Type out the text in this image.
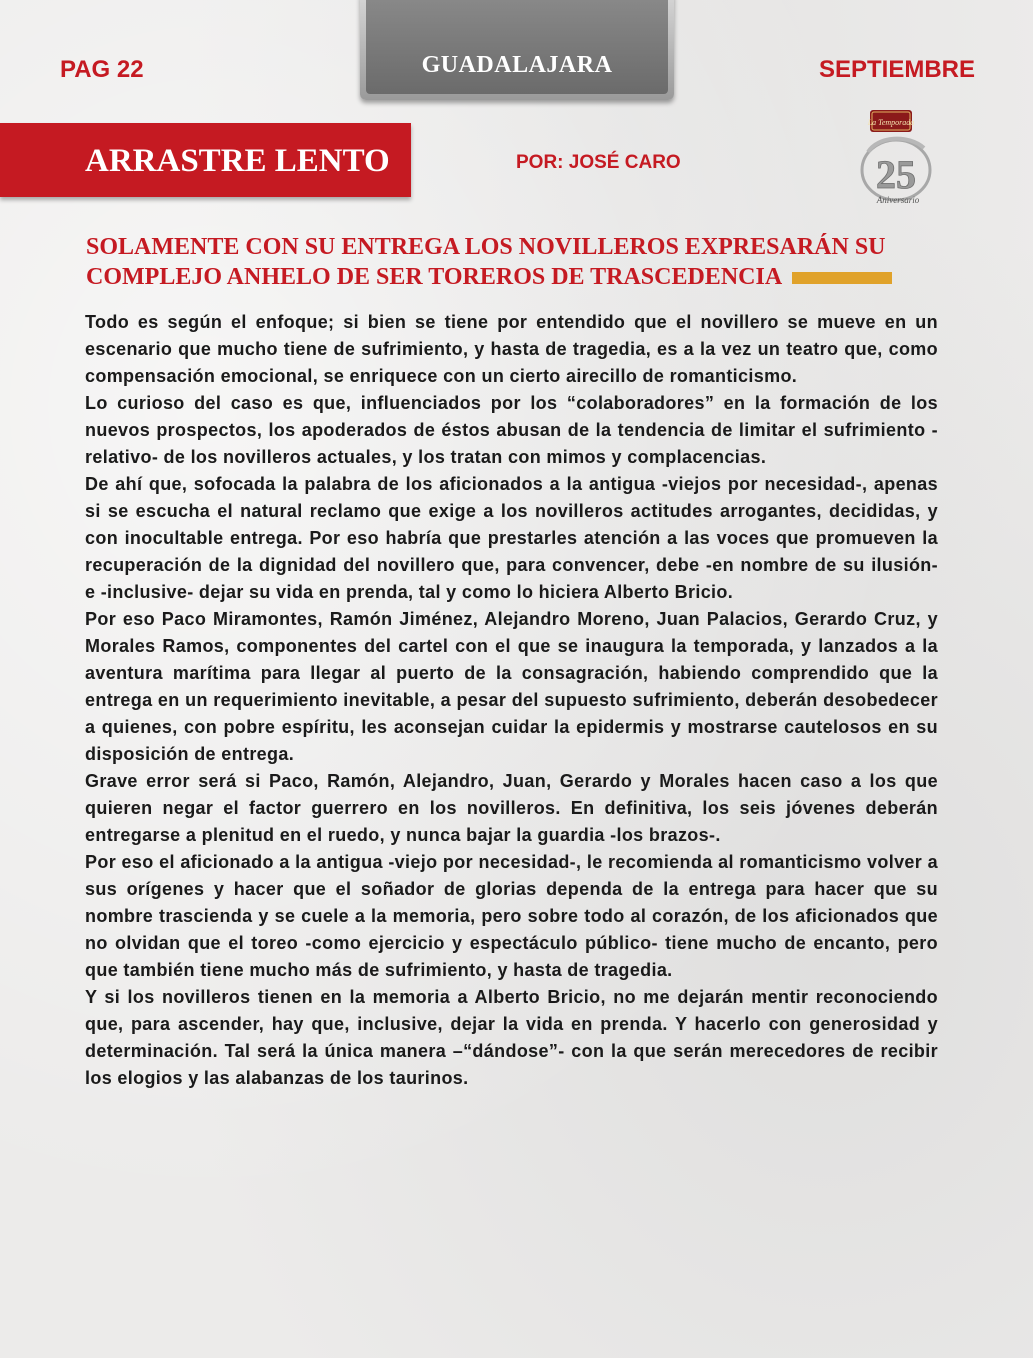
PAG 22	GUADALAJARA	SEPTIEMBRE
ARRASTRE LENTO	POR: JOSÉ CARO
La Temporada
25
Aniversario
SOLAMENTE CON SU ENTREGA LOS NOVILLEROS EXPRESARÁN SU COMPLEJO ANHELO DE SER TOREROS DE TRASCEDENCIA

Todo es según el enfoque; si bien se tiene por entendido que el novillero se mueve en un escenario que mucho tiene de sufrimiento, y hasta de tragedia, es a la vez un teatro que, como compensación emocional, se enriquece con un cierto airecillo de romanticismo.

Lo curioso del caso es que, influenciados por los “colaboradores” en la formación de los nuevos prospectos, los apoderados de éstos abusan de la tendencia de limitar el sufrimiento -relativo- de los novilleros actuales, y los tratan con mimos y complacencias.

De ahí que, sofocada la palabra de los aficionados a la antigua -viejos por necesidad-, apenas si se escucha el natural reclamo que exige a los novilleros actitudes arrogantes, decididas, y con inocultable entrega. Por eso habría que prestarles atención a las voces que promueven la recuperación de la dignidad del novillero que, para convencer, debe -en nombre de su ilusión- e -inclusive- dejar su vida en prenda, tal y como lo hiciera Alberto Bricio.

Por eso Paco Miramontes, Ramón Jiménez, Alejandro Moreno, Juan Palacios, Gerardo Cruz, y Morales Ramos, componentes del cartel con el que se inaugura la temporada, y lanzados a la aventura marítima para llegar al puerto de la consagración, habiendo comprendido que la entrega en un requerimiento inevitable, a pesar del supuesto sufrimiento, deberán desobedecer a quienes, con pobre espíritu, les aconsejan cuidar la epidermis y mostrarse cautelosos en su disposición de entrega.

Grave error será si Paco, Ramón, Alejandro, Juan, Gerardo y Morales hacen caso a los que quieren negar el factor guerrero en los novilleros. En definitiva, los seis jóvenes deberán entregarse a plenitud en el ruedo, y nunca bajar la guardia -los brazos-.

Por eso el aficionado a la antigua -viejo por necesidad-, le recomienda al romanticismo volver a sus orígenes y hacer que el soñador de glorias dependa de la entrega para hacer que su nombre trascienda y se cuele a la memoria, pero sobre todo al corazón, de los aficionados que no olvidan que el toreo -como ejercicio y espectáculo público- tiene mucho de encanto, pero que también tiene mucho más de sufrimiento, y hasta de tragedia.

Y si los novilleros tienen en la memoria a Alberto Bricio, no me dejarán mentir reconociendo que, para ascender, hay que, inclusive, dejar la vida en prenda. Y hacerlo con generosidad y determinación. Tal será la única manera –“dándose”- con la que serán merecedores de recibir los elogios y las alabanzas de los taurinos.
